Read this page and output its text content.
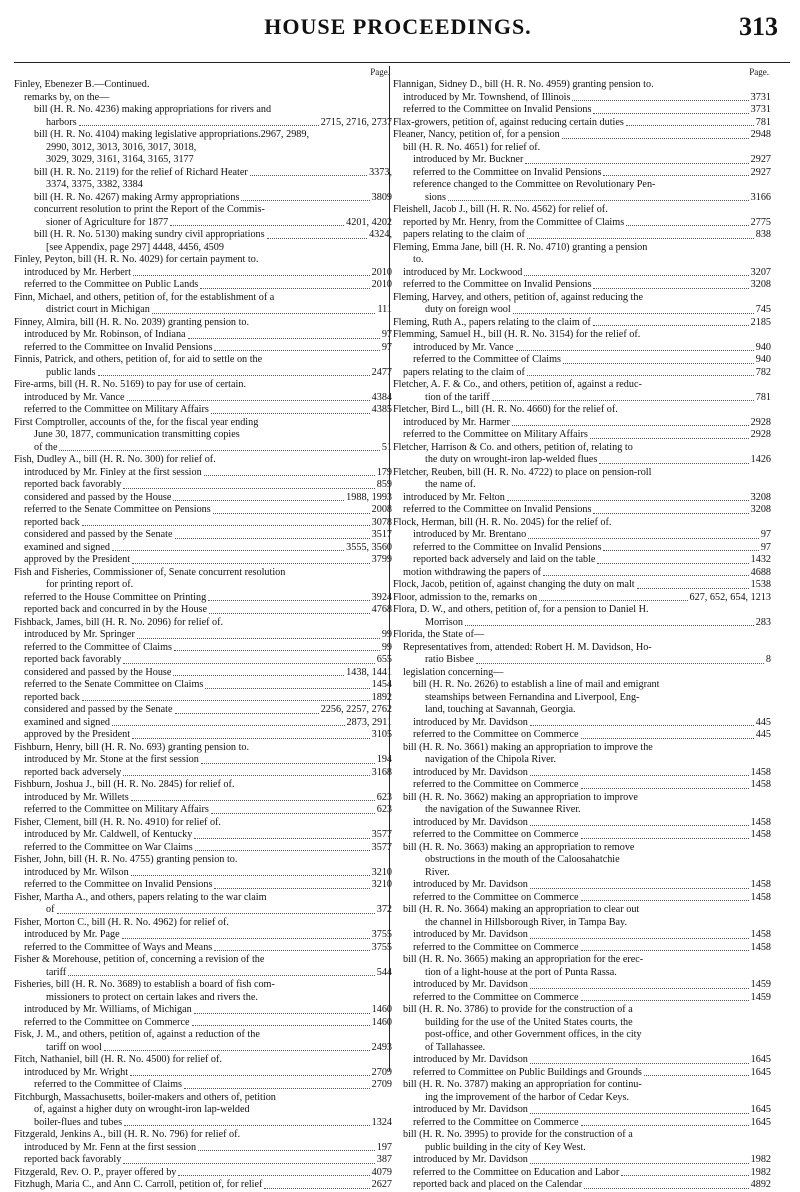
HOUSE PROCEEDINGS.	313
Page.
Finley, Ebenezer B.—Continued.
remarks by, on the—
bill (H. R. No. 4236) making appropriations for rivers and
harbors	2715, 2716, 2737
bill (H. R. No. 4104) making legislative appropriations.2967, 2989,
2990, 3012, 3013, 3016, 3017, 3018,
3029, 3029, 3161, 3164, 3165, 3177
bill (H. R. No. 2119) for the relief of Richard Heater	3373,
3374, 3375, 3382, 3384
bill (H. R. No. 4267) making Army appropriations	3809
concurrent resolution to print the Report of the Commis-
sioner of Agriculture for 1877	4201, 4202
bill (H. R. No. 5130) making sundry civil appropriations	4324,
[see Appendix, page 297] 4448, 4456, 4509
Finley, Peyton, bill (H. R. No. 4029) for certain payment to.
introduced by Mr. Herbert	2010
referred to the Committee on Public Lands	2010
Finn, Michael, and others, petition of, for the establishment of a
district court in Michigan	111
Finney, Almira, bill (H. R. No. 2039) granting pension to.
introduced by Mr. Robinson, of Indiana	97
referred to the Committee on Invalid Pensions	97
Finnis, Patrick, and others, petition of, for aid to settle on the
public lands	2477
Fire-arms, bill (H. R. No. 5169) to pay for use of certain.
introduced by Mr. Vance	4384
referred to the Committee on Military Affairs	4385
First Comptroller, accounts of the, for the fiscal year ending
June 30, 1877, communication transmitting copies
of the	51
Fish, Dudley A., bill (H. R. No. 300) for relief of.
introduced by Mr. Finley at the first session	179
reported back favorably	859
considered and passed by the House	1988, 1993
referred to the Senate Committee on Pensions	2008
reported back	3078
considered and passed by the Senate	3517
examined and signed	3555, 3560
approved by the President	3799
Fish and Fisheries, Commissioner of, Senate concurrent resolution
for printing report of.
referred to the House Committee on Printing	3924
reported back and concurred in by the House	4768
Fishback, James, bill (H. R. No. 2096) for relief of.
introduced by Mr. Springer	99
referred to the Committee of Claims	99
reported back favorably	655
considered and passed by the House	1438, 1441
referred to the Senate Committee on Claims	1454
reported back	1892
considered and passed by the Senate	2256, 2257, 2762
examined and signed	2873, 2911
approved by the President	3105
Fishburn, Henry, bill (H. R. No. 693) granting pension to.
introduced by Mr. Stone at the first session	194
reported back adversely	3168
Fishburn, Joshua J., bill (H. R. No. 2845) for relief of.
introduced by Mr. Willets	623
referred to the Committee on Military Affairs	623
Fisher, Clement, bill (H. R. No. 4910) for relief of.
introduced by Mr. Caldwell, of Kentucky	3577
referred to the Committee on War Claims	3577
Fisher, John, bill (H. R. No. 4755) granting pension to.
introduced by Mr. Wilson	3210
referred to the Committee on Invalid Pensions	3210
Fisher, Martha A., and others, papers relating to the war claim
of	372
Fisher, Morton C., bill (H. R. No. 4962) for relief of.
introduced by Mr. Page	3755
referred to the Committee of Ways and Means	3755
Fisher & Morehouse, petition of, concerning a revision of the
tariff	544
Fisheries, bill (H. R. No. 3689) to establish a board of fish com-
missioners to protect on certain lakes and rivers the.
introduced by Mr. Williams, of Michigan	1460
referred to the Committee on Commerce	1460
Fisk, J. M., and others, petition of, against a reduction of the
tariff on wool	2493
Fitch, Nathaniel, bill (H. R. No. 4500) for relief of.
introduced by Mr. Wright	2709
referred to the Committee of Claims	2709
Fitchburgh, Massachusetts, boiler-makers and others of, petition
of, against a higher duty on wrought-iron lap-welded
boiler-flues and tubes	1324
Fitzgerald, Jenkins A., bill (H. R. No. 796) for relief of.
introduced by Mr. Fenn at the first session	197
reported back favorably	387
Fitzgerald, Rev. O. P., prayer offered by	4079
Fitzhugh, Maria C., and Ann C. Carroll, petition of, for relief	2627
Page.
Flannigan, Sidney D., bill (H. R. No. 4959) granting pension to.
introduced by Mr. Townshend, of Illinois	3731
referred to the Committee on Invalid Pensions	3731
Flax-growers, petition of, against reducing certain duties	781
Fleaner, Nancy, petition of, for a pension	2948
bill (H. R. No. 4651) for relief of.
introduced by Mr. Buckner	2927
referred to the Committee on Invalid Pensions	2927
reference changed to the Committee on Revolutionary Pen-
sions	3166
Fleishell, Jacob J., bill (H. R. No. 4562) for relief of.
reported by Mr. Henry, from the Committee of Claims	2775
papers relating to the claim of	838
Fleming, Emma Jane, bill (H. R. No. 4710) granting a pension
to.
introduced by Mr. Lockwood	3207
referred to the Committee on Invalid Pensions	3208
Fleming, Harvey, and others, petition of, against reducing the
duty on foreign wool	745
Fleming, Ruth A., papers relating to the claim of	2185
Flemming, Samuel H., bill (H. R. No. 3154) for the relief of.
introduced by Mr. Vance	940
referred to the Committee of Claims	940
papers relating to the claim of	782
Fletcher, A. F. & Co., and others, petition of, against a reduc-
tion of the tariff	781
Fletcher, Bird L., bill (H. R. No. 4660) for the relief of.
introduced by Mr. Harmer	2928
referred to the Committee on Military Affairs	2928
Fletcher, Harrison & Co. and others, petition of, relating to
the duty on wrought-iron lap-welded flues	1426
Fletcher, Reuben, bill (H. R. No. 4722) to place on pension-roll
the name of.
introduced by Mr. Felton	3208
referred to the Committee on Invalid Pensions	3208
Flock, Herman, bill (H. R. No. 2045) for the relief of.
introduced by Mr. Brentano	97
referred to the Committee on Invalid Pensions	97
reported back adversely and laid on the table	1432
motion withdrawing the papers of	4688
Flock, Jacob, petition of, against changing the duty on malt	1538
Floor, admission to the, remarks on	627, 652, 654, 1213
Flora, D. W., and others, petition of, for a pension to Daniel H.
Morrison	283
Florida, the State of—
Representatives from, attended: Robert H. M. Davidson, Ho-
ratio Bisbee	8
legislation concerning—
bill (H. R. No. 2626) to establish a line of mail and emigrant
steamships between Fernandina and Liverpool, Eng-
land, touching at Savannah, Georgia.
introduced by Mr. Davidson	445
referred to the Committee on Commerce	445
bill (H. R. No. 3661) making an appropriation to improve the
navigation of the Chipola River.
introduced by Mr. Davidson	1458
referred to the Committee on Commerce	1458
bill (H. R. No. 3662) making an appropriation to improve
the navigation of the Suwannee River.
introduced by Mr. Davidson	1458
referred to the Committee on Commerce	1458
bill (H. R. No. 3663) making an appropriation to remove
obstructions in the mouth of the Caloosahatchie
River.
introduced by Mr. Davidson	1458
referred to the Committee on Commerce	1458
bill (H. R. No. 3664) making an appropriation to clear out
the channel in Hillsborough River, in Tampa Bay.
introduced by Mr. Davidson	1458
referred to the Committee on Commerce	1458
bill (H. R. No. 3665) making an appropriation for the erec-
tion of a light-house at the port of Punta Rassa.
introduced by Mr. Davidson	1459
referred to the Committee on Commerce	1459
bill (H. R. No. 3786) to provide for the construction of a
building for the use of the United States courts, the
post-office, and other Government offices, in the city
of Tallahassee.
introduced by Mr. Davidson	1645
referred to Committee on Public Buildings and Grounds	1645
bill (H. R. No. 3787) making an appropriation for continu-
ing the improvement of the harbor of Cedar Keys.
introduced by Mr. Davidson	1645
referred to the Committee on Commerce	1645
bill (H. R. No. 3995) to provide for the construction of a
public building in the city of Key West.
introduced by Mr. Davidson	1982
referred to the Committee on Education and Labor	1982
reported back and placed on the Calendar	4892
